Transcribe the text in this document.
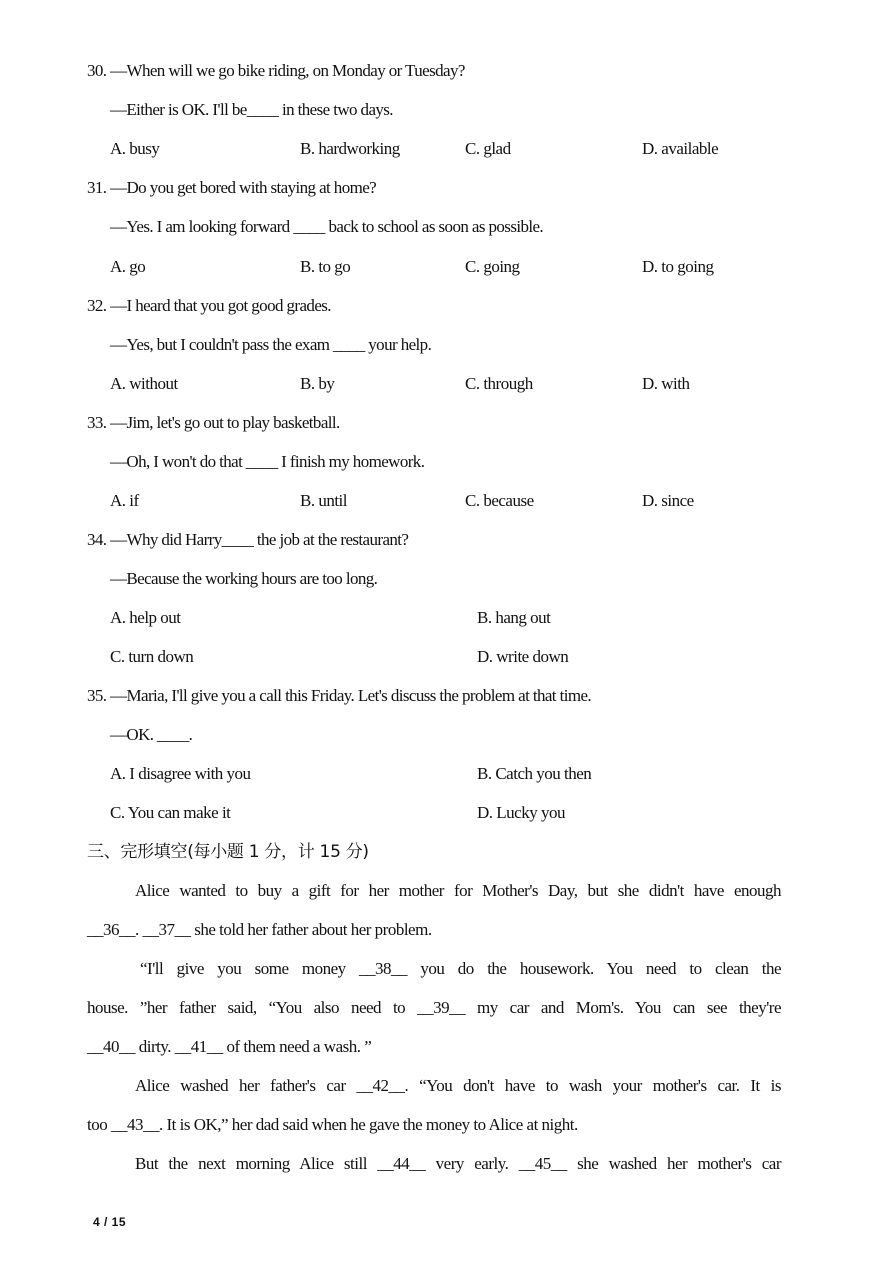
30. —When will we go bike riding, on Monday or Tuesday?
—Either is OK. I'll be____ in these two days.
A. busy	B. hardworking	C. glad	D. available
31. —Do you get bored with staying at home?
—Yes. I am looking forward ____ back to school as soon as possible.
A. go	B. to go	C. going	D. to going
32. —I heard that you got good grades.
—Yes, but I couldn't pass the exam ____ your help.
A. without	B. by	C. through	D. with
33. —Jim, let's go out to play basketball.
—Oh, I won't do that ____ I finish my homework.
A. if	B. until	C. because	D. since
34. —Why did Harry____ the job at the restaurant?
—Because the working hours are too long.
A. help out	B. hang out
C. turn down	D. write down
35. —Maria, I'll give you a call this Friday. Let's discuss the problem at that time.
—OK. ____.
A. I disagree with you	B. Catch you then
C. You can make it	D. Lucky you
三、完形填空(每小题 1 分，计 15 分)
Alice wanted to buy a gift for her mother for Mother's Day, but she didn't have enough
__36__. __37__ she told her father about her problem.
“I'll give you some money __38__ you do the housework. You need to clean the
house. ”her father said, “You also need to __39__ my car and Mom's. You can see they're
__40__ dirty. __41__ of them need a wash. ”
Alice washed her father's car __42__. “You don't have to wash your mother's car. It is
too __43__. It is OK,” her dad said when he gave the money to Alice at night.
But the next morning Alice still __44__ very early. __45__ she washed her mother's car
4 / 15
